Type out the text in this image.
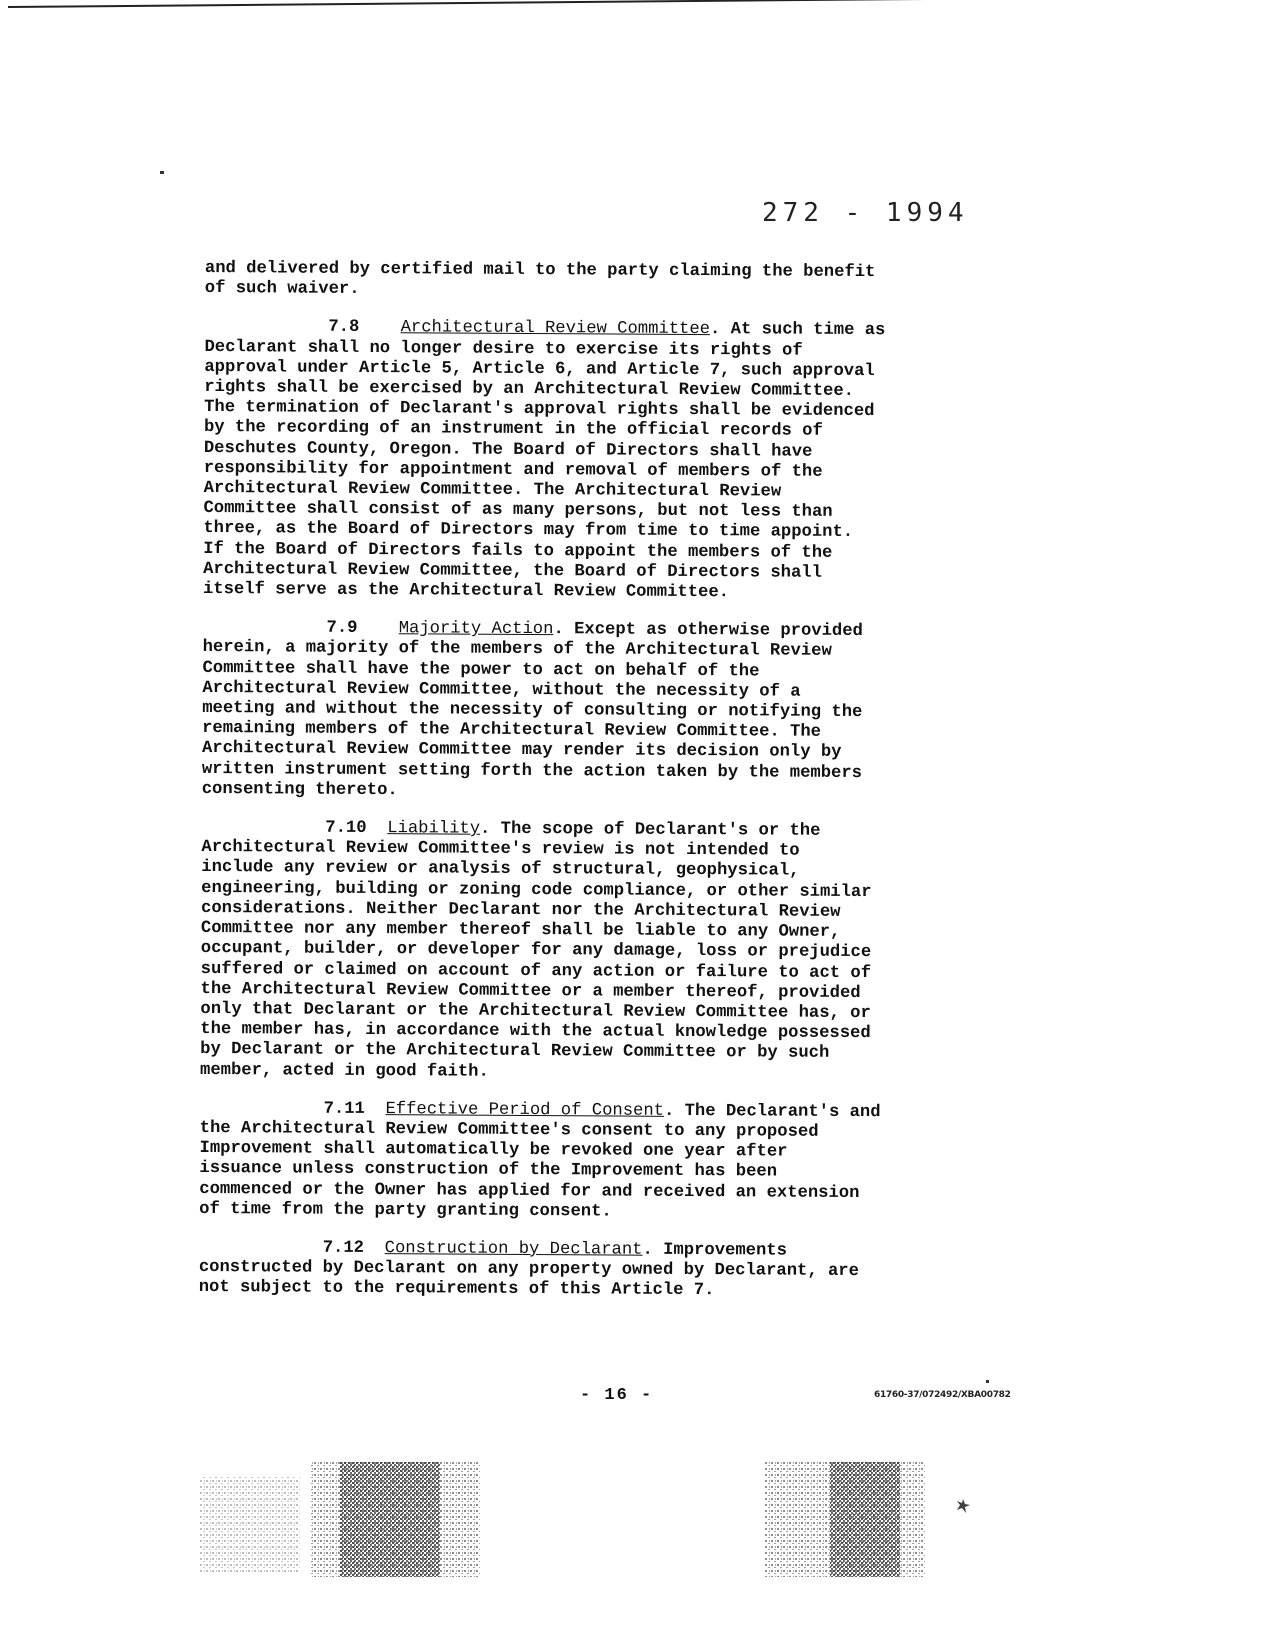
272 - 1994

and delivered by certified mail to the party claiming the benefit
of such waiver.

7.8 Architectural Review Committee. At such time as
Declarant shall no longer desire to exercise its rights of
approval under Article 5, Article 6, and Article 7, such approval
rights shall be exercised by an Architectural Review Committee.
The termination of Declarant's approval rights shall be evidenced
by the recording of an instrument in the official records of
Deschutes County, Oregon. The Board of Directors shall have
responsibility for appointment and removal of members of the
Architectural Review Committee. The Architectural Review
Committee shall consist of as many persons, but not less than
three, as the Board of Directors may from time to time appoint.
If the Board of Directors fails to appoint the members of the
Architectural Review Committee, the Board of Directors shall
itself serve as the Architectural Review Committee.

7.9 Majority Action. Except as otherwise provided
herein, a majority of the members of the Architectural Review
Committee shall have the power to act on behalf of the
Architectural Review Committee, without the necessity of a
meeting and without the necessity of consulting or notifying the
remaining members of the Architectural Review Committee. The
Architectural Review Committee may render its decision only by
written instrument setting forth the action taken by the members
consenting thereto.

7.10 Liability. The scope of Declarant's or the
Architectural Review Committee's review is not intended to
include any review or analysis of structural, geophysical,
engineering, building or zoning code compliance, or other similar
considerations. Neither Declarant nor the Architectural Review
Committee nor any member thereof shall be liable to any Owner,
occupant, builder, or developer for any damage, loss or prejudice
suffered or claimed on account of any action or failure to act of
the Architectural Review Committee or a member thereof, provided
only that Declarant or the Architectural Review Committee has, or
the member has, in accordance with the actual knowledge possessed
by Declarant or the Architectural Review Committee or by such
member, acted in good faith.

7.11 Effective Period of Consent. The Declarant's and
the Architectural Review Committee's consent to any proposed
Improvement shall automatically be revoked one year after
issuance unless construction of the Improvement has been
commenced or the Owner has applied for and received an extension
of time from the party granting consent.

7.12 Construction by Declarant. Improvements
constructed by Declarant on any property owned by Declarant, are
not subject to the requirements of this Article 7.

- 16 -	61760-37/072492/XBA00782
